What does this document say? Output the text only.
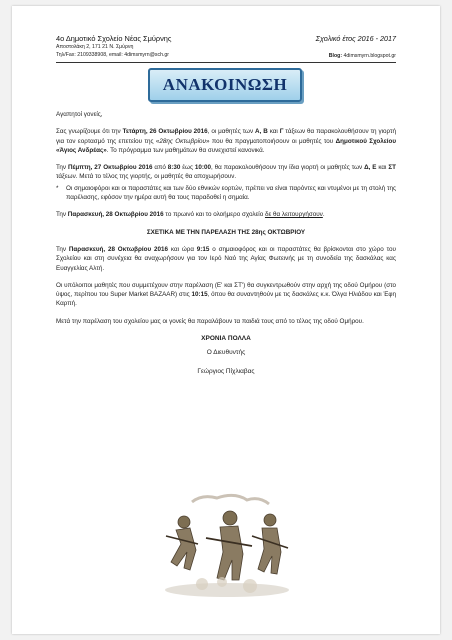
4ο Δημοτικό Σχολείο Νέας Σμύρνης
Αποστολάκη 2, 171 21 Ν. Σμύρνη
Τηλ/Fax: 2109338908, email: 4dimsmyrn@sch.gr
Σχολικό έτος 2016 - 2017
Blog: 4dimsmyrn.blogspot.gr
ΑΝΑΚΟΙΝΩΣΗ

Αγαπητοί γονείς,

Σας γνωρίζουμε ότι την Τετάρτη, 26 Οκτωβρίου 2016, οι μαθητές των Α, Β και Γ τάξεων θα παρακολουθήσουν τη γιορτή για τον εορτασμό της επετείου της «28ης Οκτωβρίου» που θα πραγματοποιήσουν οι μαθητές του Δημοτικού Σχολείου «Άγιος Ανδρέας». Το πρόγραμμα των μαθημάτων θα συνεχιστεί κανονικά.

Την Πέμπτη, 27 Οκτωβρίου 2016 από 8:30 έως 10:00, θα παρακολουθήσουν την ίδια γιορτή οι μαθητές των Δ, Ε και ΣΤ τάξεων. Μετά το τέλος της γιορτής, οι μαθητές θα αποχωρήσουν.

*	Οι σημαιοφόροι και οι παραστάτες και των δύο εθνικών εορτών, πρέπει να είναι παρόντες και ντυμένοι με τη στολή της παρέλασης, εφόσον την ημέρα αυτή θα τους παραδοθεί η σημαία.

Την Παρασκευή, 28 Οκτωβρίου 2016 το πρωινό και το ολοήμερο σχολείο δε θα λειτουργήσουν.

ΣΧΕΤΙΚΑ ΜΕ ΤΗΝ ΠΑΡΕΛΑΣΗ ΤΗΣ 28ης ΟΚΤΩΒΡΙΟΥ

Την Παρασκευή, 28 Οκτωβρίου 2016 και ώρα 9:15 ο σημαιοφόρος και οι παραστάτες θα βρίσκονται στο χώρο του Σχολείου και στη συνέχεια θα αναχωρήσουν για τον Ιερό Ναό της Αγίας Φωτεινής με τη συνοδεία της δασκάλας κας Ευαγγελίας Αλτή.

Οι υπόλοιποι μαθητές που συμμετέχουν στην παρέλαση (Ε' και ΣΤ') θα συγκεντρωθούν στην αρχή της οδού Ομήρου (στο ύψος, περίπου του Super Market BAZAAR) στις 10:15, όπου θα συναντηθούν με τις δασκάλες κ.κ. Όλγα Ηλιάδου και Έφη Καρπή.

Μετά την παρέλαση του σχολείου μας οι γονείς θα παραλάβουν τα παιδιά τους από το τέλος της οδού Ομήρου.

ΧΡΟΝΙΑ ΠΟΛΛΑ
Ο Διευθυντής
Γεώργιος Πίχλιαβας
